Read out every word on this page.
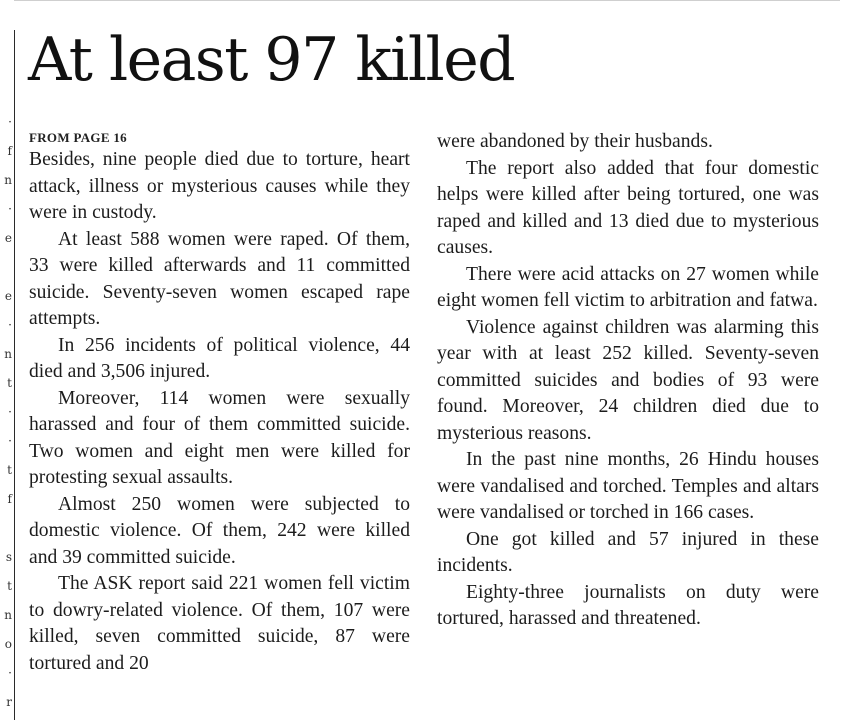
·
f
n
·
e
e
·
n
t
·
·
t
f
s
t
n
o
·
r
At least 97 killed
FROM PAGE 16

Besides, nine people died due to torture, heart attack, illness or mysterious causes while they were in custody.

At least 588 women were raped. Of them, 33 were killed afterwards and 11 committed suicide. Seventy-seven women escaped rape attempts.

In 256 incidents of political violence, 44 died and 3,506 injured.

Moreover, 114 women were sexually harassed and four of them committed suicide. Two women and eight men were killed for protesting sexual assaults.

Almost 250 women were subjected to domestic violence. Of them, 242 were killed and 39 committed suicide.

The ASK report said 221 women fell victim to dowry-related violence. Of them, 107 were killed, seven committed suicide, 87 were tortured and 20

were abandoned by their husbands.

The report also added that four domestic helps were killed after being tortured, one was raped and killed and 13 died due to mysterious causes.

There were acid attacks on 27 women while eight women fell victim to arbitration and fatwa.

Violence against children was alarming this year with at least 252 killed. Seventy-seven committed suicides and bodies of 93 were found. Moreover, 24 children died due to mysterious reasons.

In the past nine months, 26 Hindu houses were vandalised and torched. Temples and altars were vandalised or torched in 166 cases.

One got killed and 57 injured in these incidents.

Eighty-three journalists on duty were tortured, harassed and threatened.
